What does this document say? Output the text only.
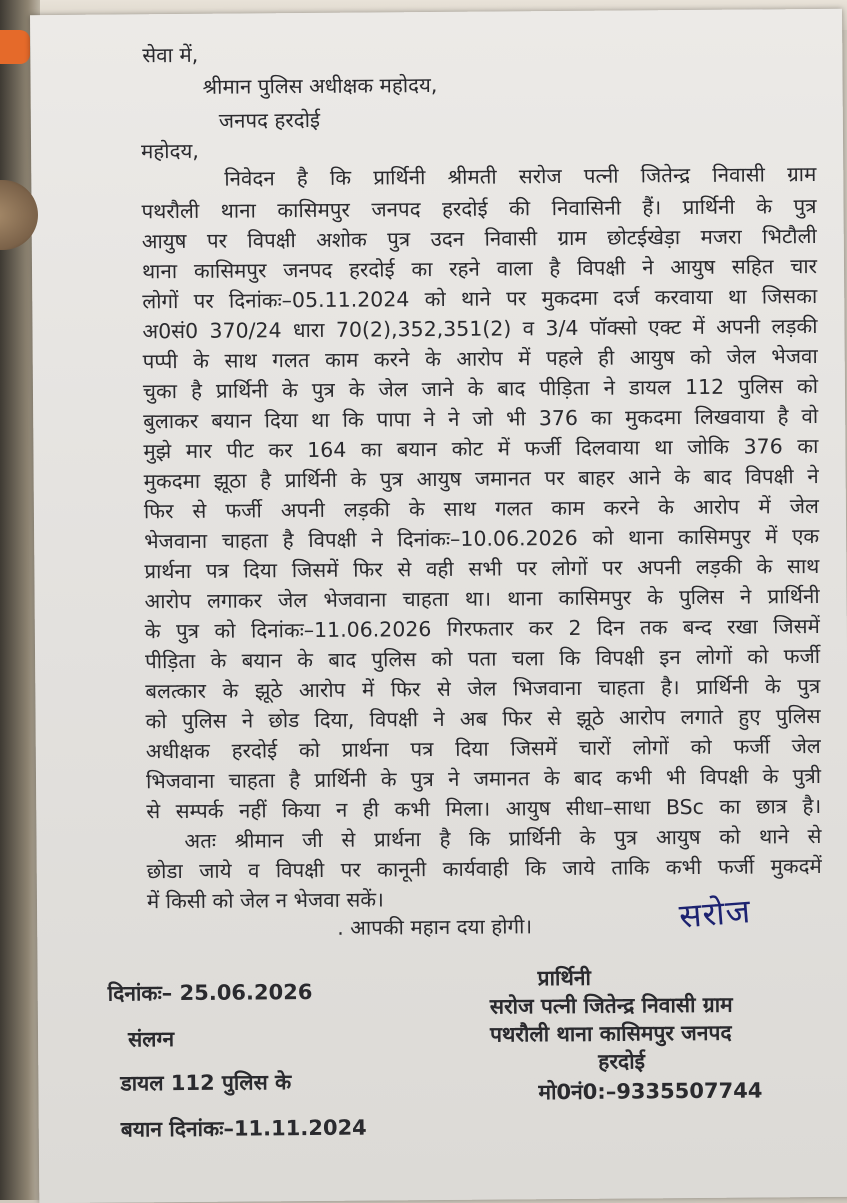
सेवा में,
श्रीमान पुलिस अधीक्षक महोदय,
जनपद हरदोई
महोदय,
निवेदन है कि प्रार्थिनी श्रीमती सरोज पत्नी जितेन्द्र निवासी ग्राम
पथरौली थाना कासिमपुर जनपद हरदोई की निवासिनी हैं। प्रार्थिनी के पुत्र
आयुष पर विपक्षी अशोक पुत्र उदन निवासी ग्राम छोटईखेड़ा मजरा भिटौली
थाना कासिमपुर जनपद हरदोई का रहने वाला है विपक्षी ने आयुष सहित चार
लोगों पर दिनांकः–05.11.2024 को थाने पर मुकदमा दर्ज करवाया था जिसका
अ0सं0 370/24 धारा 70(2),352,351(2) व 3/4 पॉक्सो एक्ट में अपनी लड़की
पप्पी के साथ गलत काम करने के आरोप में पहले ही आयुष को जेल भेजवा
चुका है प्रार्थिनी के पुत्र के जेल जाने के बाद पीड़िता ने डायल 112 पुलिस को
बुलाकर बयान दिया था कि पापा ने ने जो भी 376 का मुकदमा लिखवाया है वो
मुझे मार पीट कर 164 का बयान कोट में फर्जी दिलवाया था जोकि 376 का
मुकदमा झूठा है प्रार्थिनी के पुत्र आयुष जमानत पर बाहर आने के बाद विपक्षी ने
फिर से फर्जी अपनी लड़की के साथ गलत काम करने के आरोप में जेल
भेजवाना चाहता है विपक्षी ने दिनांकः–10.06.2026 को थाना कासिमपुर में एक
प्रार्थना पत्र दिया जिसमें फिर से वही सभी पर लोगों पर अपनी लड़की के साथ
आरोप लगाकर जेल भेजवाना चाहता था। थाना कासिमपुर के पुलिस ने प्रार्थिनी
के पुत्र को दिनांकः–11.06.2026 गिरफतार कर 2 दिन तक बन्द रखा जिसमें
पीड़िता के बयान के बाद पुलिस को पता चला कि विपक्षी इन लोगों को फर्जी
बलत्कार के झूठे आरोप में फिर से जेल भिजवाना चाहता है। प्रार्थिनी के पुत्र
को पुलिस ने छोड दिया, विपक्षी ने अब फिर से झूठे आरोप लगाते हुए पुलिस
अधीक्षक हरदोई को प्रार्थना पत्र दिया जिसमें चारों लोगों को फर्जी जेल
भिजवाना चाहता है प्रार्थिनी के पुत्र ने जमानत के बाद कभी भी विपक्षी के पुत्री
से सम्पर्क नहीं किया न ही कभी मिला। आयुष सीधा–साधा BSc का छात्र है।
अतः श्रीमान जी से प्रार्थना है कि प्रार्थिनी के पुत्र आयुष को थाने से
छोडा जाये व विपक्षी पर कानूनी कार्यवाही कि जाये ताकि कभी फर्जी मुकदमें
में किसी को जेल न भेजवा सकें।
. आपकी महान दया होगी।	सरोज
प्रार्थिनी
दिनांकः– 25.06.2026	सरोज पत्नी जितेन्द्र निवासी ग्राम
संलग्न	पथरौली थाना कासिमपुर जनपद
हरदोई
डायल 112 पुलिस के	मो0नं0:–9335507744
बयान दिनांकः–11.11.2024
